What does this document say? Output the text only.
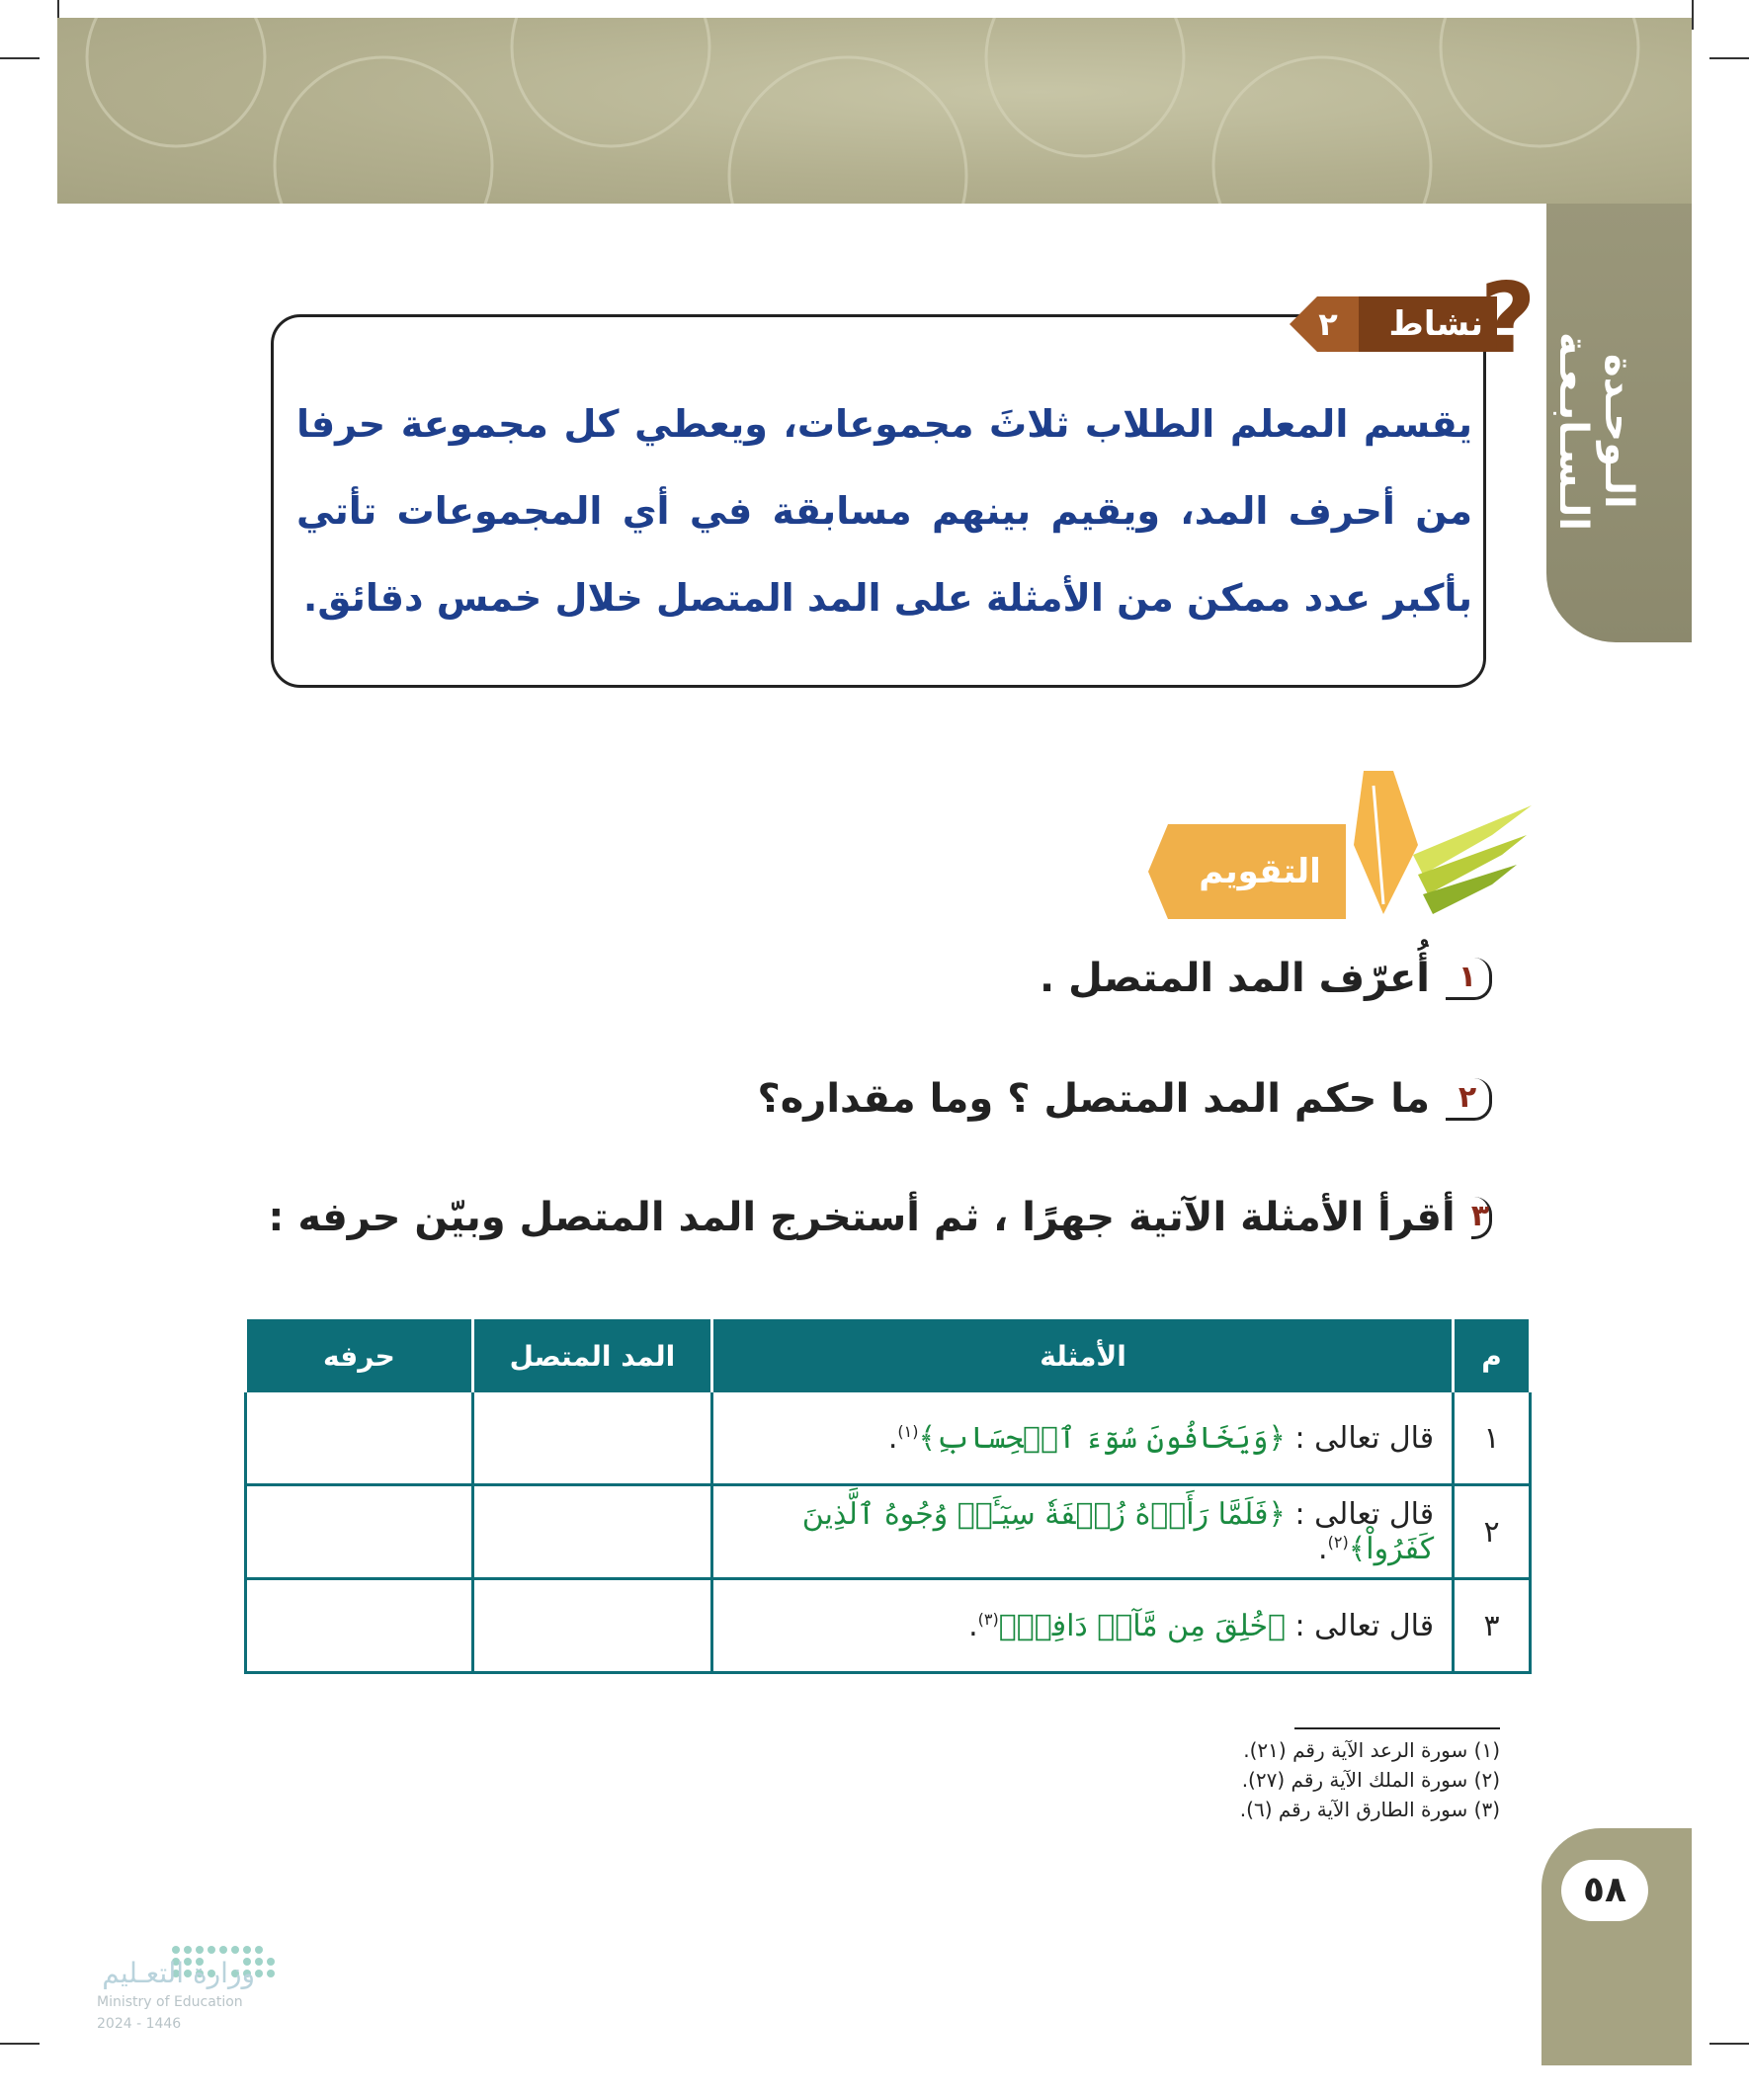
الـوحـدة الـسـابـعـة
نشاط
٢ ?
يقسم المعلم الطلاب ثلاثَ مجموعات، ويعطي كل مجموعة حرفا من أحرف المد، ويقيم بينهم مسابقة في أي المجموعات تأتي بأكبر عدد ممكن من الأمثلة على المد المتصل خلال خمس دقائق.
التقويم
١
أُعرّف المد المتصل .
٢
ما حكم المد المتصل ؟ وما مقداره؟
٣
أقرأ الأمثلة الآتية جهرًا ، ثم أستخرج المد المتصل وبيّن حرفه :
م	الأمثلة	المد المتصل	حرفه
١	قال تعالى : ﴿وَيَخَافُونَ سُوٓءَ ٱلۡحِسَابِ﴾$^{(١)}$.		
٢	قال تعالى : ﴿فَلَمَّا رَأَوۡهُ زُلۡفَةٗ سِيٓـَٔتۡ وُجُوهُ ٱلَّذِينَ كَفَرُواْ﴾$^{(٢)}$.		
٣	قال تعالى : ﴿خُلِقَ مِن مَّآءٖ دَافِقٖ﴾$^{(٣)}$.		
(١) سورة الرعد الآية رقم (٢١).
(٢) سورة الملك الآية رقم (٢٧).
(٣) سورة الطارق الآية رقم (٦).
٥٨
وزارة التعـليم
Ministry of Education
2024 - 1446
